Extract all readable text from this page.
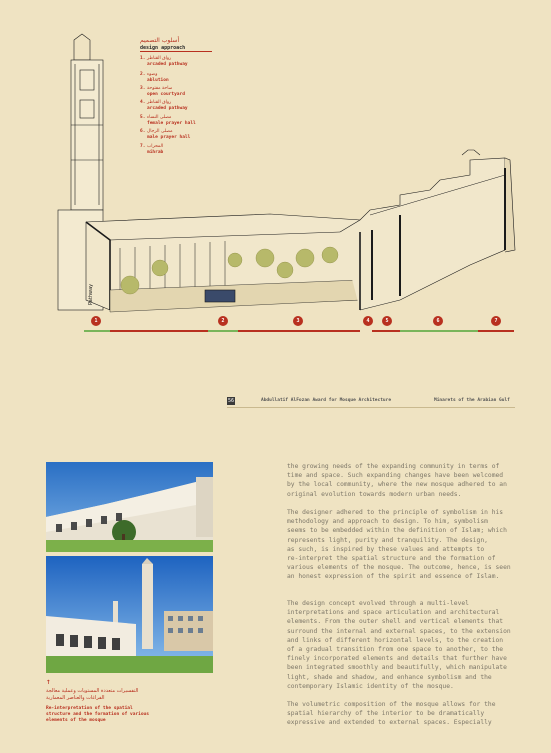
Pathway
1	2	3	4	5	6	7
أسلوب التصميم
design approach
1. رواق القناطر
arcaded pathway
2. وضوء
ablution
3. ساحة مفتوحة
open courtyard
4. رواق القناطر
arcaded pathway
5. مصلى النساء
female prayer hall
6. مصلى الرجال
male prayer hall
7. المحراب
mihrab
56	Abdullatif AlFozan Award for Mosque Architecture	Minarets of the Arabian Gulf
↑
التفسيرات متعددة المستويات وعملية معالجة الفراغات والعناصر المعمارية
Re-interpretation of the spatial structure and the formation of various elements of the mosque

the growing needs of the expanding community in terms of
time and space. Such expanding changes have been welcomed
by the local community, where the new mosque adhered to an
original evolution towards modern urban needs.

The designer adhered to the principle of symbolism in his
methodology and approach to design. To him, symbolism
seems to be embedded within the definition of Islam; which
represents light, purity and tranquility. The design,
as such, is inspired by these values and attempts to
re-interpret the spatial structure and the formation of
various elements of the mosque. The outcome, hence, is seen
an honest expression of the spirit and essence of Islam.

The design concept evolved through a multi-level
interpretations and space articulation and architectural
elements. From the outer shell and vertical elements that
surround the internal and external spaces, to the extension
and links of different horizontal levels, to the creation
of a gradual transition from one space to another, to the
finely incorporated elements and details that further have
been integrated smoothly and beautifully, which manipulate
light, shade and shadow, and enhance symbolism and the
contemporary Islamic identity of the mosque.

The volumetric composition of the mosque allows for the
spatial hierarchy of the interior to be dramatically
expressive and extended to external spaces. Especially
